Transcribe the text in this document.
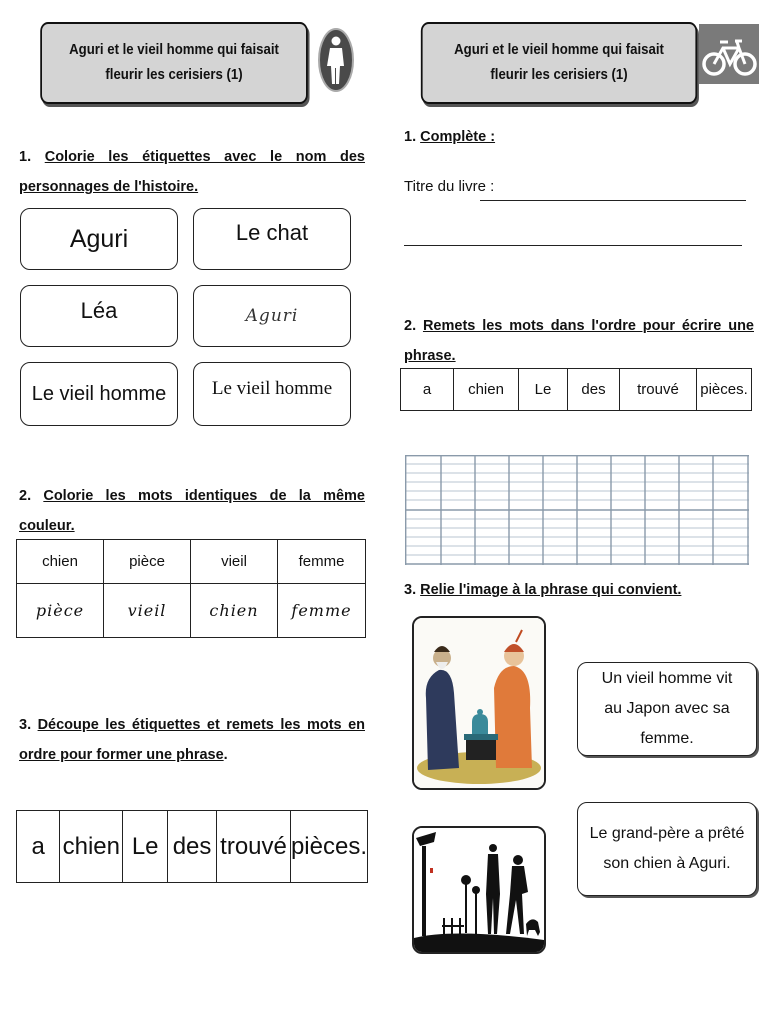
Aguri et le vieil homme qui faisait fleurir les cerisiers (1)
1. Colorie les étiquettes avec le nom des personnages de l'histoire.
Aguri	Le chat
Léa	Aguri
Le vieil homme Le vieil homme
2. Colorie les mots identiques de la même couleur.
chien	pièce	vieil	femme
pièce	vieil	chien	femme
3. Découpe les étiquettes et remets les mots en ordre pour former une phrase.
a	chien	Le	des	trouvé	pièces.
Aguri et le vieil homme qui faisait fleurir les cerisiers (1)
1. Complète :
Titre du livre :
2. Remets les mots dans l'ordre pour écrire une phrase.
a	chien	Le	des	trouvé	pièces.
3. Relie l'image à la phrase qui convient.
Un vieil homme vit au Japon avec sa femme.
Le grand-père a prêté son chien à Aguri.
